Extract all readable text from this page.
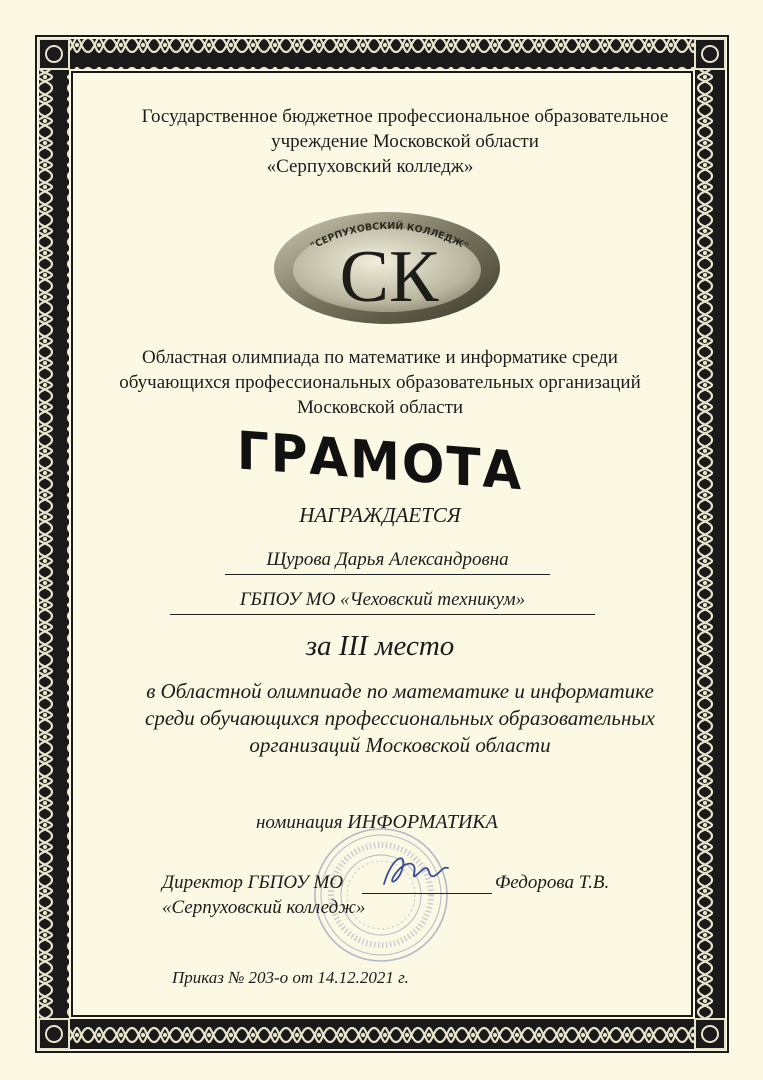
Государственное бюджетное профессиональное образовательное
учреждение Московской области
«Серпуховский колледж»
"СЕРПУХОВСКИЙ КОЛЛЕДЖ"
СК
Областная олимпиада по математике и информатике среди
обучающихся профессиональных образовательных организаций
Московской области
ГРАМОТА
НАГРАЖДАЕТСЯ
Щурова Дарья Александровна
ГБПОУ МО «Чеховский техникум»
за III место
в Областной олимпиаде по математике и информатике
среди обучающихся профессиональных образовательных
организаций Московской области
номинация ИНФОРМАТИКА
Директор ГБПОУ МО
«Серпуховский колледж»
Федорова Т.В.
Приказ № 203-о от 14.12.2021 г.
